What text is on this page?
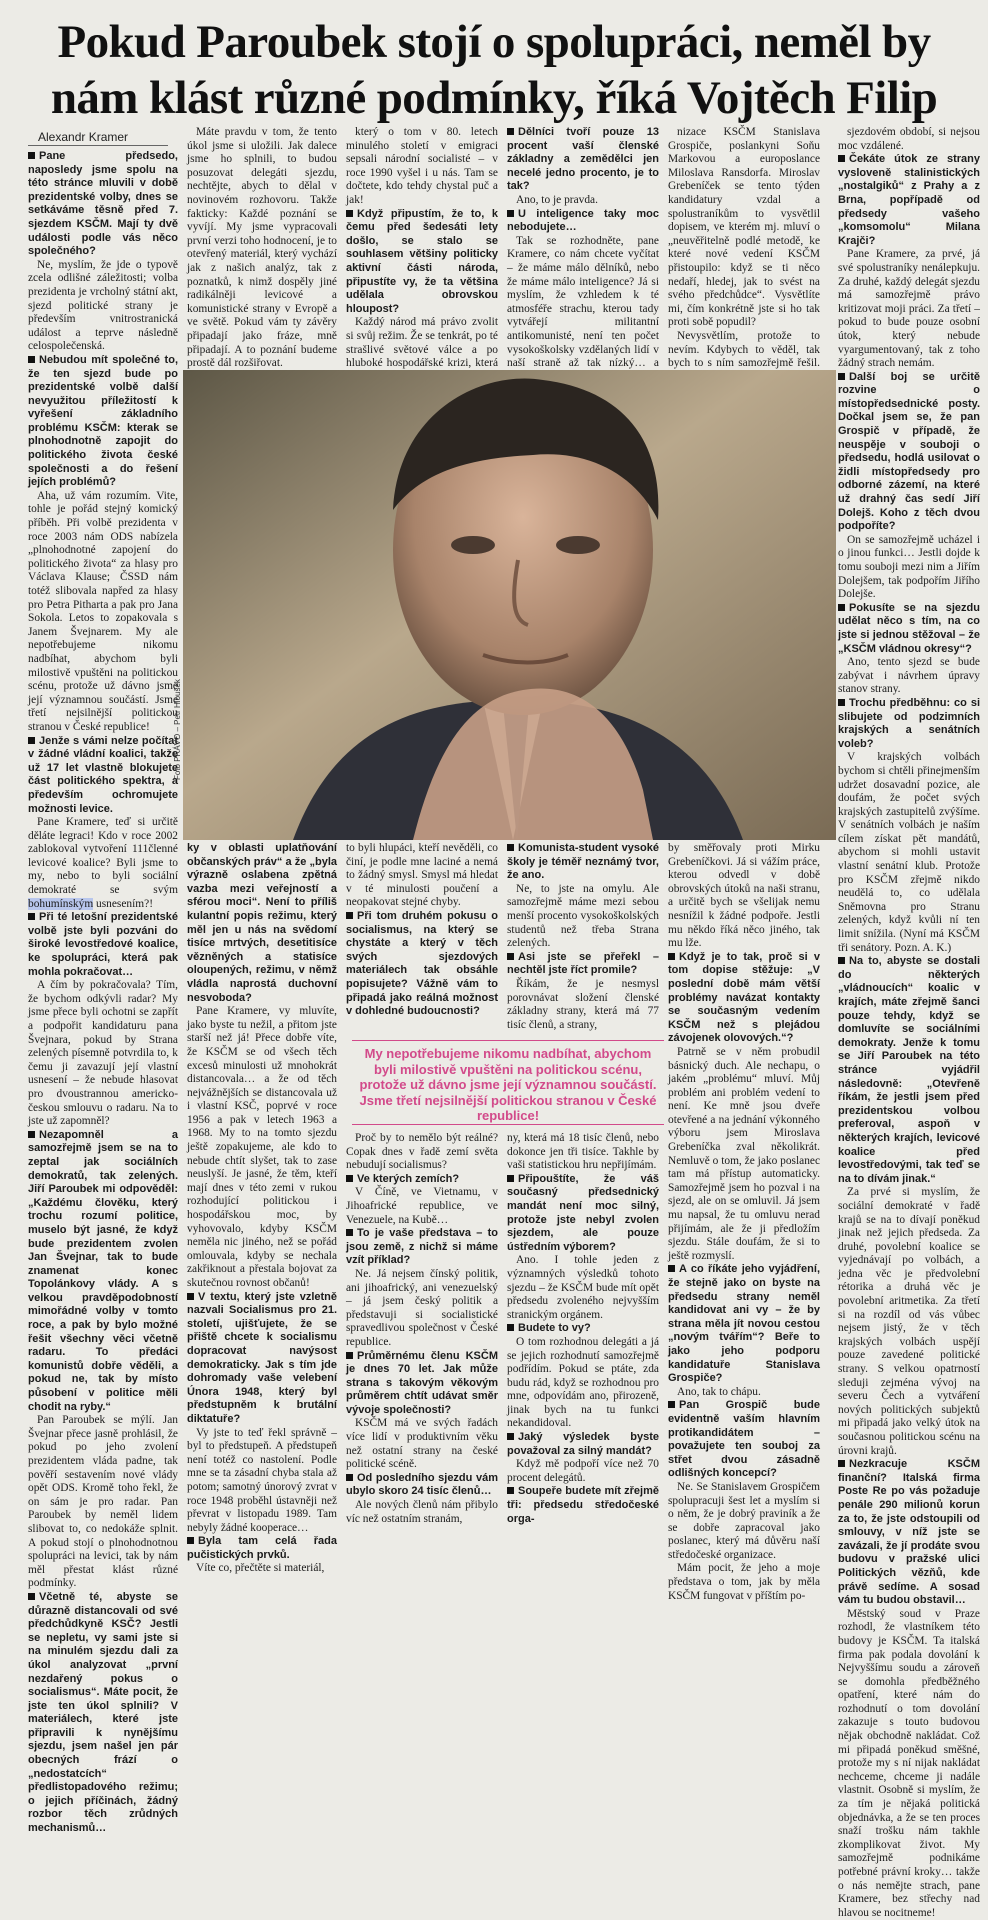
Pokud Paroubek stojí o spolupráci, neměl by
nám klást různé podmínky, říká Vojtěch Filip
Alexandr Kramer

Pane předsedo, naposledy jsme spolu na této stránce mluvili v době prezidentské volby, dnes se setkáváme těsně před 7. sjezdem KSČM. Mají ty dvě události podle vás něco společného?

Ne, myslím, že jde o typově zcela odlišné záležitosti; volba prezidenta je vrcholný státní akt, sjezd politické strany je především vnitrostranická událost a teprve následně celospolečenská.

Nebudou mít společné to, že ten sjezd bude po prezidentské volbě další nevyužitou příležitostí k vyřešení základního problému KSČM: kterak se plnohodnotně zapojit do politického života české společnosti a do řešení jejích problémů?

Aha, už vám rozumím. Vite, tohle je pořád stejný komický příběh. Při volbě prezidenta v roce 2003 nám ODS nabízela „plnohodnotné zapojení do politického života“ za hlasy pro Václava Klause; ČSSD nám totéž slibovala napřed za hlasy pro Petra Pitharta a pak pro Jana Sokola. Letos to zopakovala s Janem Švejnarem. My ale nepotřebujeme nikomu nadbíhat, abychom byli milostivě vpuštěni na politickou scénu, protože už dávno jsme její významnou součástí. Jsme třetí nejsilnější politickou stranou v České republice!

Jenže s vámi nelze počítat v žádné vládní koalici, takže už 17 let vlastně blokujete část politického spektra, a především ochromujete možnosti levice.

Pane Kramere, teď si určitě děláte legraci! Kdo v roce 2002 zablokoval vytvoření 111členné levicové koalice? Byli jsme to my, nebo to byli sociální demokraté se svým bohumínským usnesením?!

Při té letošní prezidentské volbě jste byli pozváni do široké levostředové koalice, ke spolupráci, která pak mohla pokračovat…

A čím by pokračovala? Tím, že bychom odkývli radar? My jsme přece byli ochotni se zapřít a podpořit kandidaturu pana Švejnara, pokud by Strana zelených písemně potvrdila to, k čemu ji zavazují její vlastní usnesení – že nebude hlasovat pro dvoustrannou americko-českou smlouvu o radaru. Na to jste už zapomněl?

Nezapomněl a samozřejmě jsem se na to zeptal jak sociálních demokratů, tak zelených. Jiří Paroubek mi odpověděl: „Každému člověku, který trochu rozumí politice, muselo být jasné, že když bude prezidentem zvolen Jan Švejnar, tak to bude znamenat konec Topolánkovy vlády. A s velkou pravděpodobností mimořádné volby v tomto roce, a pak by bylo možné řešit všechny věci včetně radaru. To předáci komunistů dobře věděli, a pokud ne, tak by místo působení v politice měli chodit na ryby.“

Pan Paroubek se mýlí. Jan Švejnar přece jasně prohlásil, že pokud po jeho zvolení prezidentem vláda padne, tak pověří sestavením nové vlády opět ODS. Kromě toho řekl, že on sám je pro radar. Pan Paroubek by neměl lidem slibovat to, co nedokáže splnit. A pokud stojí o plnohodnotnou spolupráci na levici, tak by nám měl přestat klást různé podmínky.

Včetně té, abyste se důrazně distancovali od své předchůdkyně KSČ? Jestli se nepletu, vy sami jste si na minulém sjezdu dali za úkol analyzovat „první nezdařený pokus o socialismus“. Máte pocit, že jste ten úkol splnili? V materiálech, které jste připravili k nynějšímu sjezdu, jsem našel jen pár obecných frází o „nedostatcích“ předlistopadového režimu; o jejich příčinách, žádný rozbor těch zrůdných mechanismů…

Máte pravdu v tom, že tento úkol jsme si uložili. Jak dalece jsme ho splnili, to budou posuzovat delegáti sjezdu, nechtějte, abych to dělal v novinovém rozhovoru. Takže fakticky: Každé poznání se vyvíjí. My jsme vypracovali první verzi toho hodnocení, je to otevřený materiál, který vychází jak z našich analýz, tak z poznatků, k nimž dospěly jiné radikálněji levicové a komunistické strany v Evropě a ve světě. Pokud vám ty závěry připadají jako fráze, mně připadají. A to poznání budeme prostě dál rozšiřovat.

který o tom v 80. letech minulého století v emigraci sepsali národní socialisté – v roce 1990 vyšel i u nás. Tam se dočtete, kdo tehdy chystal puč a jak!

Když připustím, že to, k čemu před šedesáti lety došlo, se stalo se souhlasem většiny politicky aktivní části národa, připustíte vy, že ta většina udělala obrovskou hloupost?

Každý národ má právo zvolit si svůj režim. Že se tenkrát, po té strašlivé světové válce a po hluboké hospodářské krizi, která

Dělníci tvoří pouze 13 procent vaší členské základny a zemědělci jen necelé jedno procento, je to tak?

Ano, to je pravda.

U inteligence taky moc nebodujete…

Tak se rozhodněte, pane Kramere, co nám chcete vyčítat – že máme málo dělníků, nebo že máme málo inteligence? Já si myslím, že vzhledem k té atmosféře strachu, kterou tady vytvářejí militantní antikomunisté, není ten počet vysokoškolsky vzdělaných lidí v naší straně až tak nízký… a

nizace KSČM Stanislava Grospiče, poslankyni Soňu Markovou a europoslance Miloslava Ransdorfa. Miroslav Grebeníček se tento týden kandidatury vzdal a spolustraníkům to vysvětlil dopisem, ve kterém mj. mluví o „neuvěřitelně podlé metodě, ke které nové vedení KSČM přistoupilo: když se ti něco nedaří, hledej, jak to svést na svého předchůdce“. Vysvětlíte mi, čím konkrétně jste si ho tak proti sobě popudil?

Nevysvětlím, protože to nevím. Kdybych to věděl, tak bych to s ním samozřejmě řešil.

sjezdovém období, si nejsou moc vzdálené.

Čekáte útok ze strany vysloveně stalinistických „nostalgiků“ z Prahy a z Brna, popřípadě od předsedy vašeho „komsomolu“ Milana Krajči?

Pane Kramere, za prvé, já své spolustraníky nenálepkuju. Za druhé, každý delegát sjezdu má samozřejmě právo kritizovat moji práci. Za třetí – pokud to bude pouze osobní útok, který nebude vyargumentovaný, tak z toho žádný strach nemám.

Další boj se určitě rozvine o místopředsednické posty. Dočkal jsem se, že pan Grospič v případě, že neuspěje v souboji o předsedu, hodlá usilovat o židli místopředsedy pro odborné zázemí, na které už drahný čas sedí Jiří Dolejš. Koho z těch dvou podpoříte?

On se samozřejmě ucházel i o jinou funkci… Jestli dojde k tomu souboji mezi nim a Jiřím Dolejšem, tak podpořím Jiřího Dolejše.

Pokusíte se na sjezdu udělat něco s tím, na co jste si jednou stěžoval – že „KSČM vládnou okresy“?

Ano, tento sjezd se bude zabývat i návrhem úpravy stanov strany.

Trochu předběhnu: co si slibujete od podzimních krajských a senátních voleb?

V krajských volbách bychom si chtěli přinejmenším udržet dosavadní pozice, ale doufám, že počet svých krajských zastupitelů zvýšíme. V senátních volbách je naším cílem získat pět mandátů, abychom si mohli ustavit vlastní senátní klub. Protože pro KSČM zřejmě nikdo neudělá to, co udělala Sněmovna pro Stranu zelených, když kvůli ní ten limit snížila. (Nyní má KSČM tři senátory. Pozn. A. K.)

Na to, abyste se dostali do některých „vládnoucích“ koalic v krajích, máte zřejmě šanci pouze tehdy, když se domluvíte se sociálními demokraty. Jenže k tomu se Jiří Paroubek na této stránce vyjádřil následovně: „Otevřeně říkám, že jestli jsem před prezidentskou volbou preferoval, aspoň v některých krajích, levicové koalice před levostředovými, tak teď se na to dívám jinak.“

Za prvé si myslím, že sociální demokraté v řadě krajů se na to dívají poněkud jinak než jejich předseda. Za druhé, povolební koalice se vyjednávají po volbách, a jedna věc je předvolební rétorika a druhá věc je povolební aritmetika. Za třetí si na rozdíl od vás vůbec nejsem jistý, že v těch krajských volbách uspějí pouze zavedené politické strany. S velkou opatrností sleduji zejména vývoj na severu Čech a vytváření nových politických subjektů mi připadá jako velký útok na současnou politickou scénu na úrovni krajů.

Nezkracuje KSČM finanční? Italská firma Poste Re po vás požaduje penále 290 milionů korun za to, že jste odstoupili od smlouvy, v níž jste se zavázali, že jí prodáte svou budovu v pražské ulici Politických vězňů, kde právě sedíme. A sosad vám tu budou obstavil…

Městský soud v Praze rozhodl, že vlastníkem této budovy je KSČM. Ta italská firma pak podala dovolání k Nejvyššímu soudu a zároveň se domohla předběžného opatření, které nám do rozhodnutí o tom dovolání zakazuje s touto budovou nějak obchodně nakládat. Což mi připadá poněkud směšné, protože my s ní nijak nakládat nechceme, chceme ji nadále vlastnit. Osobně si myslím, že za tím je nějaká politická objednávka, a že se ten proces snaží trošku nám takhle zkomplikovat život. My samozřejmě podnikáme potřebné právní kroky… takže o nás nemějte strach, pane Kramere, bez střechy nad hlavou se nocitneme!

Foto PRÁVO – Petr Hloušek

ky v oblasti uplatňování občanských práv“ a že „byla výrazně oslabena zpětná vazba mezi veřejností a sférou moci“. Není to příliš kulantní popis režimu, který měl jen u nás na svědomí tisíce mrtvých, desetitisíce vězněných a statisíce oloupených, režimu, v němž vládla naprostá duchovní nesvoboda?

Pane Kramere, vy mluvíte, jako byste tu nežil, a přitom jste starší než já! Přece dobře víte, že KSČM se od všech těch excesů minulosti už mnohokrát distancovala… a že od těch nejvážnějších se distancovala už i vlastní KSČ, poprvé v roce 1956 a pak v letech 1963 a 1968. My to na tomto sjezdu ještě zopakujeme, ale kdo to nebude chtít slyšet, tak to zase neuslyší. Je jasné, že těm, kteří mají dnes v této zemi v rukou rozhodující politickou i hospodářskou moc, by vyhovovalo, kdyby KSČM neměla nic jiného, než se pořád omlouvala, kdyby se nechala zakřiknout a přestala bojovat za skutečnou rovnost občanů!

V textu, který jste vzletně nazvali Socialismus pro 21. století, ujišťujete, že se přiště chcete k socialismu dopracovat navýsost demokraticky. Jak s tím jde dohromady vaše velebení Února 1948, který byl předstupněm k brutální diktatuře?

Vy jste to teď řekl správně – byl to předstupeň. A předstupeň není totéž co nastolení. Podle mne se ta zásadní chyba stala až potom; samotný únorový zvrat v roce 1948 proběhl ústavněji než převrat v listopadu 1989. Tam nebyly žádné kooperace…

Byla tam celá řada pučistických prvků.

Víte co, přečtěte si materiál,

to byli hlupáci, kteří nevěděli, co činí, je podle mne laciné a nemá to žádný smysl. Smysl má hledat v té minulosti poučení a neopakovat stejné chyby.

Při tom druhém pokusu o socialismus, na který se chystáte a který v těch svých sjezdových materiálech tak obsáhle popisujete? Vážně vám to připadá jako reálná možnost v dohledné budoucnosti?

Komunista-student vysoké školy je téměř neznámý tvor, že ano.

Ne, to jste na omylu. Ale samozřejmě máme mezi sebou menší procento vysokoškolských studentů než třeba Strana zelených.

Asi jste se přeřekl – nechtěl jste říct promile?

Říkám, že je nesmysl porovnávat složení členské základny strany, která má 77 tisíc členů, a strany,

My nepotřebujeme nikomu nadbíhat, abychom byli milostivě vpuštěni na politickou scénu, protože už dávno jsme její významnou součástí. Jsme třetí nejsilnější politickou stranou v České republice!

Proč by to nemělo být reálné? Copak dnes v řadě zemí světa nebudují socialismus?

Ve kterých zemích?

V Číně, ve Vietnamu, v Jihoafrické republice, ve Venezuele, na Kubě…

To je vaše představa – to jsou země, z nichž si máme vzít příklad?

Ne. Já nejsem čínský politik, ani jihoafrický, ani venezuelský – já jsem český politik a představuji si socialistické spravedlivou společnost v České republice.

Průměrnému členu KSČM je dnes 70 let. Jak může strana s takovým věkovým průměrem chtít udávat směr vývoje společnosti?

KSČM má ve svých řadách více lidí v produktivním věku než ostatní strany na české politické scéně.

Od posledního sjezdu vám ubylo skoro 24 tisíc členů…

Ale nových členů nám přibylo víc než ostatním stranám,

ny, která má 18 tisíc členů, nebo dokonce jen tři tisíce. Takhle by vaši statistickou hru nepřijímám.

Připouštíte, že váš současný předsednický mandát není moc silný, protože jste nebyl zvolen sjezdem, ale pouze ústředním výborem?

Ano. I tohle jeden z významných výsledků tohoto sjezdu – že KSČM bude mít opět předsedu zvoleného nejvyšším stranickým orgánem.

Budete to vy?

O tom rozhodnou delegáti a já se jejich rozhodnutí samozřejmě podřídím. Pokud se ptáte, zda budu rád, když se rozhodnou pro mne, odpovídám ano, přirozeně, jinak bych na tu funkci nekandidoval.

Jaký výsledek byste považoval za silný mandát?

Když mě podpoří více než 70 procent delegátů.

Soupeře budete mít zřejmě tři: předsedu středočeské orga-

by směřovaly proti Mirku Grebeníčkovi. Já si vážím práce, kterou odvedl v době obrovských útoků na naši stranu, a určitě bych se všelijak nemu nesnížil k žádné podpoře. Jestli mu někdo říká něco jiného, tak mu lže.

Když je to tak, proč si v tom dopise stěžuje: „V poslední době mám větší problémy navázat kontakty se současným vedením KSČM než s plejádou závojenek olovových.“?

Patrně se v něm probudil básnický duch. Ale nechapu, o jakém „problému“ mluví. Můj problém ani problém vedení to není. Ke mně jsou dveře otevřené a na jednání výkonného výboru jsem Miroslava Grebeníčka zval několikrát. Nemluvě o tom, že jako poslanec tam má přístup automaticky. Samozřejmě jsem ho pozval i na sjezd, ale on se omluvil. Já jsem mu napsal, že tu omluvu nerad přijímám, ale že ji předložím sjezdu. Stále doufám, že si to ještě rozmyslí.

A co říkáte jeho vyjádření, že stejně jako on byste na předsedu strany neměl kandidovat ani vy – že by strana měla jít novou cestou „novým tvářím“? Beře to jako jeho podporu kandidatuře Stanislava Grospiče?

Ano, tak to chápu.

Pan Grospič bude evidentně vaším hlavním protikandidátem – považujete ten souboj za střet dvou zásadně odlišných koncepcí?

Ne. Se Stanislavem Grospičem spolupracuji šest let a myslím si o něm, že je dobrý praviník a že se dobře zapracoval jako poslanec, který má důvěru naší středočeské organizace.

Mám pocit, že jeho a moje představa o tom, jak by měla KSČM fungovat v příštím po-
